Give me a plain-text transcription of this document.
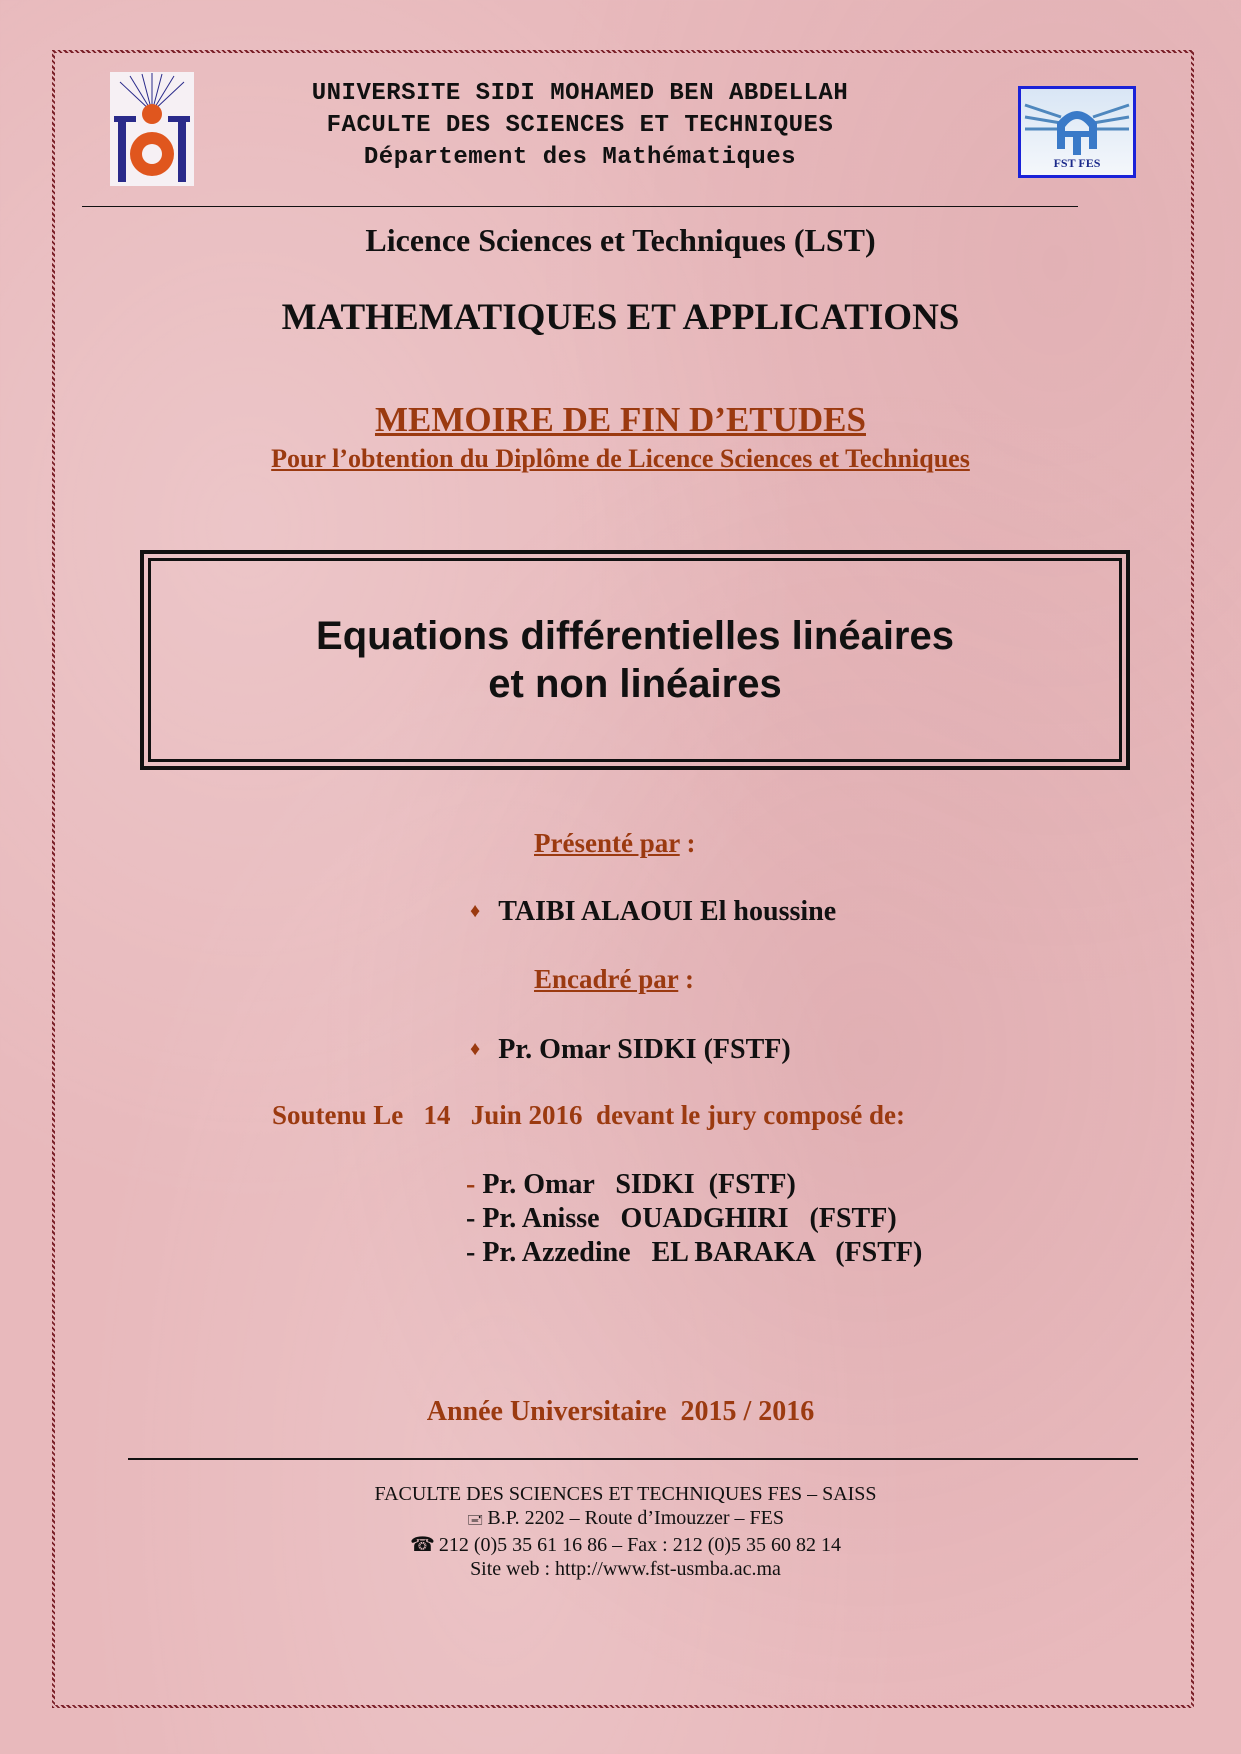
UNIVERSITE SIDI MOHAMED BEN ABDELLAH
FACULTE DES SCIENCES ET TECHNIQUES
Département des Mathématiques	FST FES
Licence Sciences et Techniques (LST)
MATHEMATIQUES ET APPLICATIONS
MEMOIRE DE FIN D’ETUDES
Pour l’obtention du Diplôme de Licence Sciences et Techniques
Equations différentielles linéaires
et non linéaires
Présenté par :
♦ TAIBI ALAOUI El houssine
Encadré par :
♦ Pr. Omar SIDKI (FSTF)
Soutenu Le   14   Juin 2016  devant le jury composé de:
- Pr. Omar   SIDKI  (FSTF)
- Pr. Anisse   OUADGHIRI   (FSTF)
- Pr. Azzedine   EL BARAKA   (FSTF)
Année Universitaire  2015 / 2016
FACULTE DES SCIENCES ET TECHNIQUES FES – SAISS
🖃 B.P. 2202 – Route d’Imouzzer – FES
☎ 212 (0)5 35 61 16 86 – Fax : 212 (0)5 35 60 82 14
Site web : http://www.fst-usmba.ac.ma
